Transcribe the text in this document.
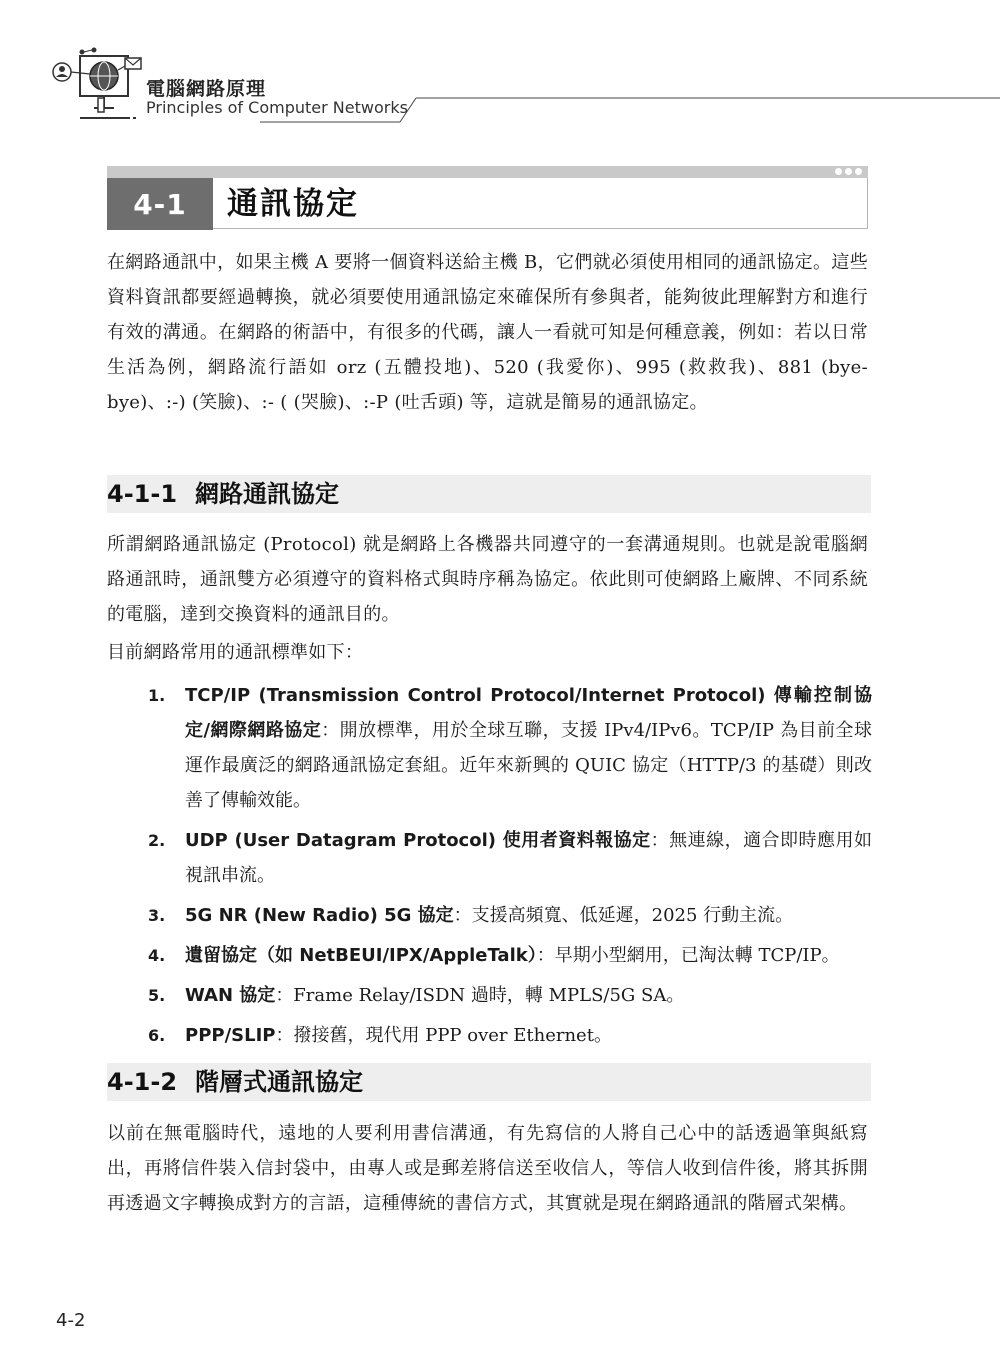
電腦網路原理
Principles of Computer Networks
4-1	通訊協定

在網路通訊中，如果主機 A 要將一個資料送給主機 B，它們就必須使用相同的通訊協定。這些資料資訊都要經過轉換，就必須要使用通訊協定來確保所有參與者，能夠彼此理解對方和進行有效的溝通。在網路的術語中，有很多的代碼，讓人一看就可知是何種意義，例如：若以日常生活為例，網路流行語如 orz (五體投地)、520 (我愛你)、995 (救救我)、881 (bye-bye)、:-) (笑臉)、:- ( (哭臉)、:-P (吐舌頭) 等，這就是簡易的通訊協定。

4-1-1 網路通訊協定

所謂網路通訊協定 (Protocol) 就是網路上各機器共同遵守的一套溝通規則。也就是說電腦網路通訊時，通訊雙方必須遵守的資料格式與時序稱為協定。依此則可使網路上廠牌、不同系統的電腦，達到交換資料的通訊目的。

目前網路常用的通訊標準如下：

1. TCP/IP (Transmission Control Protocol/Internet Protocol) 傳輸控制協定/網際網路協定：開放標準，用於全球互聯，支援 IPv4/IPv6。TCP/IP 為目前全球運作最廣泛的網路通訊協定套組。近年來新興的 QUIC 協定（HTTP/3 的基礎）則改善了傳輸效能。
2. UDP (User Datagram Protocol) 使用者資料報協定：無連線，適合即時應用如視訊串流。
3. 5G NR (New Radio) 5G 協定：支援高頻寬、低延遲，2025 行動主流。
4. 遺留協定（如 NetBEUI/IPX/AppleTalk）：早期小型網用，已淘汰轉 TCP/IP。
5. WAN 協定：Frame Relay/ISDN 過時，轉 MPLS/5G SA。
6. PPP/SLIP：撥接舊，現代用 PPP over Ethernet。
4-1-2 階層式通訊協定

以前在無電腦時代，遠地的人要利用書信溝通，有先寫信的人將自己心中的話透過筆與紙寫出，再將信件裝入信封袋中，由專人或是郵差將信送至收信人，等信人收到信件後，將其拆開再透過文字轉換成對方的言語，這種傳統的書信方式，其實就是現在網路通訊的階層式架構。

4-2
